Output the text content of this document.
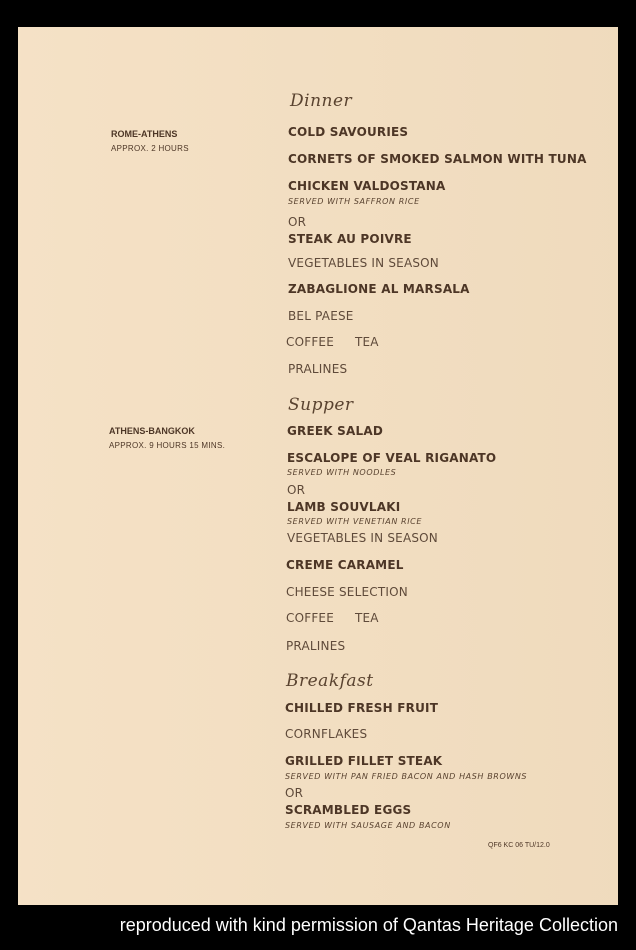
Dinner
ROME-ATHENS
APPROX. 2 HOURS
COLD SAVOURIES
CORNETS OF SMOKED SALMON WITH TUNA
CHICKEN VALDOSTANA
SERVED WITH SAFFRON RICE
OR
STEAK AU POIVRE
VEGETABLES IN SEASON
ZABAGLIONE AL MARSALA
BEL PAESE
COFFEE TEA
PRALINES
Supper
ATHENS-BANGKOK
APPROX. 9 HOURS 15 MINS.
GREEK SALAD
ESCALOPE OF VEAL RIGANATO
SERVED WITH NOODLES
OR
LAMB SOUVLAKI
SERVED WITH VENETIAN RICE
VEGETABLES IN SEASON
CREME CARAMEL
CHEESE SELECTION
COFFEE TEA
PRALINES
Breakfast
CHILLED FRESH FRUIT
CORNFLAKES
GRILLED FILLET STEAK
SERVED WITH PAN FRIED BACON AND HASH BROWNS
OR
SCRAMBLED EGGS
SERVED WITH SAUSAGE AND BACON
QF6 KC 06 TU/12.0
reproduced with kind permission of Qantas Heritage Collection
